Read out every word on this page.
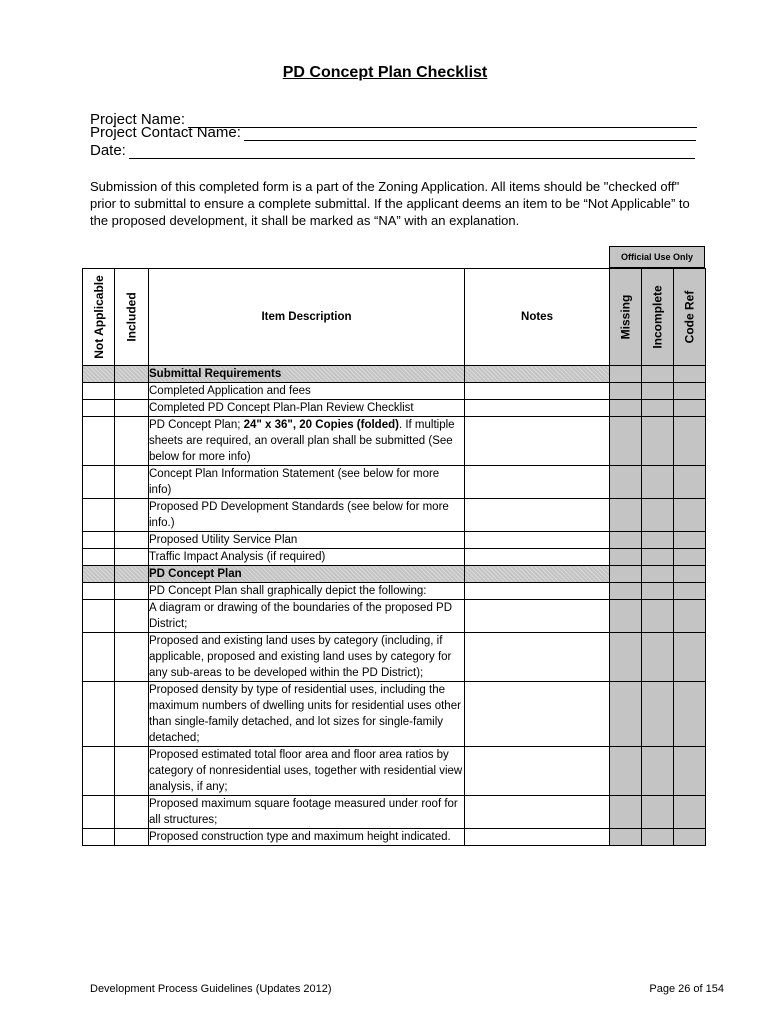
PD Concept Plan Checklist
Project Name:
Project Contact Name:
Date:
Submission of this completed form is a part of the Zoning Application. All items should be "checked off" prior to submittal to ensure a complete submittal. If the applicant deems an item to be “Not Applicable” to the proposed development, it shall be marked as “NA” with an explanation.
Official Use Only
Not Applicable	Included	Item Description	Notes	Missing	Incomplete	Code Ref

		Submittal Requirements				
		Completed Application and fees				
		Completed PD Concept Plan-Plan Review Checklist				
		PD Concept Plan; 24" x 36", 20 Copies (folded). If multiple sheets are required, an overall plan shall be submitted (See below for more info)				
		Concept Plan Information Statement (see below for more info)				
		Proposed PD Development Standards (see below for more info.)				
		Proposed Utility Service Plan				
		Traffic Impact Analysis (if required)				
		PD Concept Plan				
		PD Concept Plan shall graphically depict the following:				
		A diagram or drawing of the boundaries of the proposed PD District;				
		Proposed and existing land uses by category (including, if applicable, proposed and existing land uses by category for any sub-areas to be developed within the PD District);				
		Proposed density by type of residential uses, including the maximum numbers of dwelling units for residential uses other than single-family detached, and lot sizes for single-family detached;				
		Proposed estimated total floor area and floor area ratios by category of nonresidential uses, together with residential view analysis, if any;				
		Proposed maximum square footage measured under roof for all structures;				
		Proposed construction type and maximum height indicated.				
Development Process Guidelines (Updates 2012)	Page 26 of 154
